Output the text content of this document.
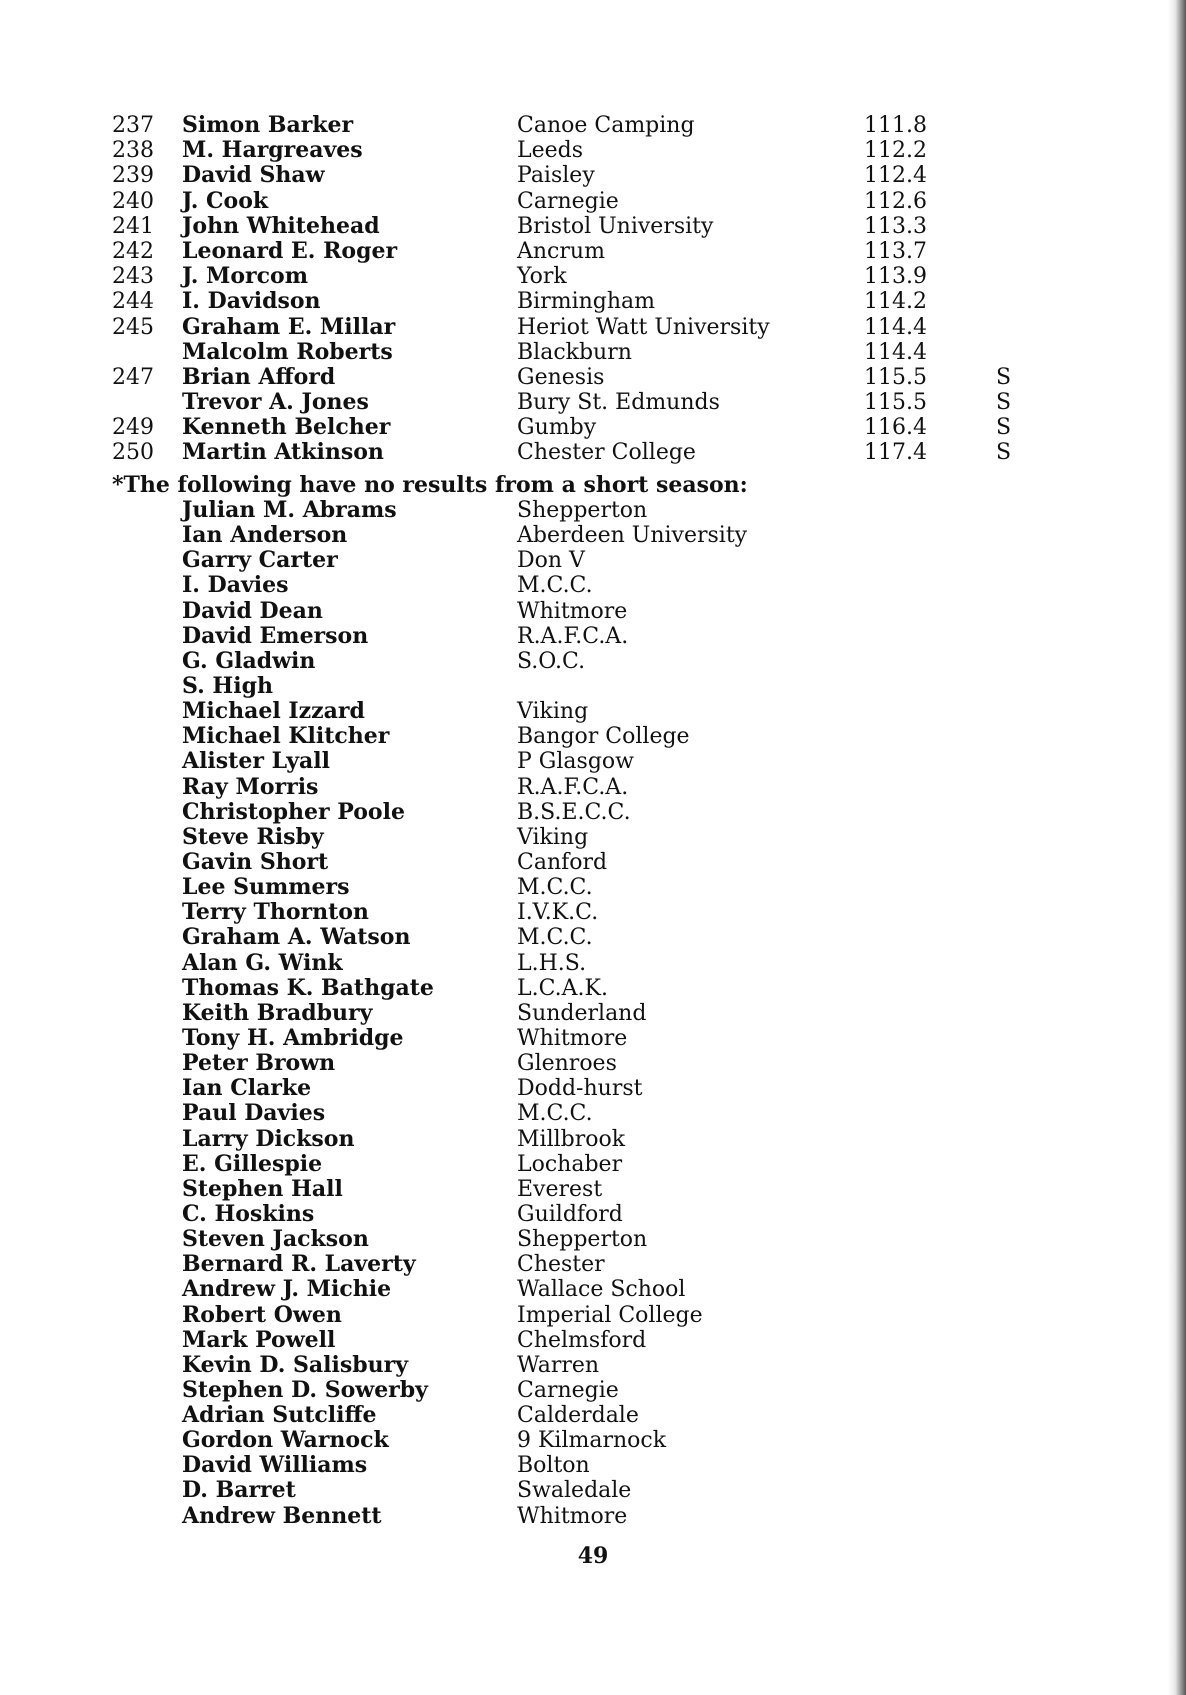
237	Simon Barker	Canoe Camping	111.8
238	M. Hargreaves	Leeds	112.2
239	David Shaw	Paisley	112.4
240	J. Cook	Carnegie	112.6
241	John Whitehead	Bristol University	113.3
242	Leonard E. Roger	Ancrum	113.7
243	J. Morcom	York	113.9
244	I. Davidson	Birmingham	114.2
245	Graham E. Millar	Heriot Watt University	114.4
Malcolm Roberts	Blackburn	114.4
247	Brian Afford	Genesis	115.5	S
Trevor A. Jones	Bury St. Edmunds	115.5	S
249	Kenneth Belcher	Gumby	116.4	S
250	Martin Atkinson	Chester College	117.4	S
*The following have no results from a short season:
Julian M. Abrams	Shepperton
Ian Anderson	Aberdeen University
Garry Carter	Don V
I. Davies	M.C.C.
David Dean	Whitmore
David Emerson	R.A.F.C.A.
G. Gladwin	S.O.C.
S. High
Michael Izzard	Viking
Michael Klitcher	Bangor College
Alister Lyall	P Glasgow
Ray Morris	R.A.F.C.A.
Christopher Poole	B.S.E.C.C.
Steve Risby	Viking
Gavin Short	Canford
Lee Summers	M.C.C.
Terry Thornton	I.V.K.C.
Graham A. Watson	M.C.C.
Alan G. Wink	L.H.S.
Thomas K. Bathgate	L.C.A.K.
Keith Bradbury	Sunderland
Tony H. Ambridge	Whitmore
Peter Brown	Glenroes
Ian Clarke	Dodd-hurst
Paul Davies	M.C.C.
Larry Dickson	Millbrook
E. Gillespie	Lochaber
Stephen Hall	Everest
C. Hoskins	Guildford
Steven Jackson	Shepperton
Bernard R. Laverty	Chester
Andrew J. Michie	Wallace School
Robert Owen	Imperial College
Mark Powell	Chelmsford
Kevin D. Salisbury	Warren
Stephen D. Sowerby	Carnegie
Adrian Sutcliffe	Calderdale
Gordon Warnock	9 Kilmarnock
David Williams	Bolton
D. Barret	Swaledale
Andrew Bennett	Whitmore
49
